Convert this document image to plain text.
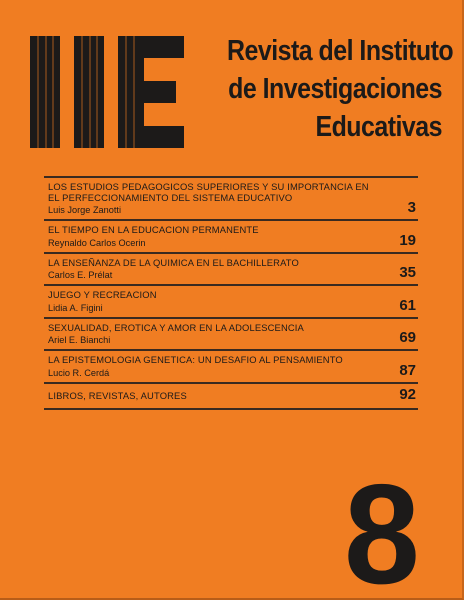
Revista del Instituto
de Investigaciones
Educativas
LOS ESTUDIOS PEDAGOGICOS SUPERIORES Y SU IMPORTANCIA EN EL PERFECCIONAMIENTO DEL SISTEMA EDUCATIVO
Luis Jorge Zanotti	3
EL TIEMPO EN LA EDUCACION PERMANENTE
Reynaldo Carlos Ocerin	19
LA ENSEÑANZA DE LA QUIMICA EN EL BACHILLERATO
Carlos E. Prélat	35
JUEGO Y RECREACION
Lidia A. Figini	61
SEXUALIDAD, EROTICA Y AMOR EN LA ADOLESCENCIA
Ariel E. Bianchi	69
LA EPISTEMOLOGIA GENETICA: UN DESAFIO AL PENSAMIENTO
Lucio R. Cerdá	87
LIBROS, REVISTAS, AUTORES	92
8
